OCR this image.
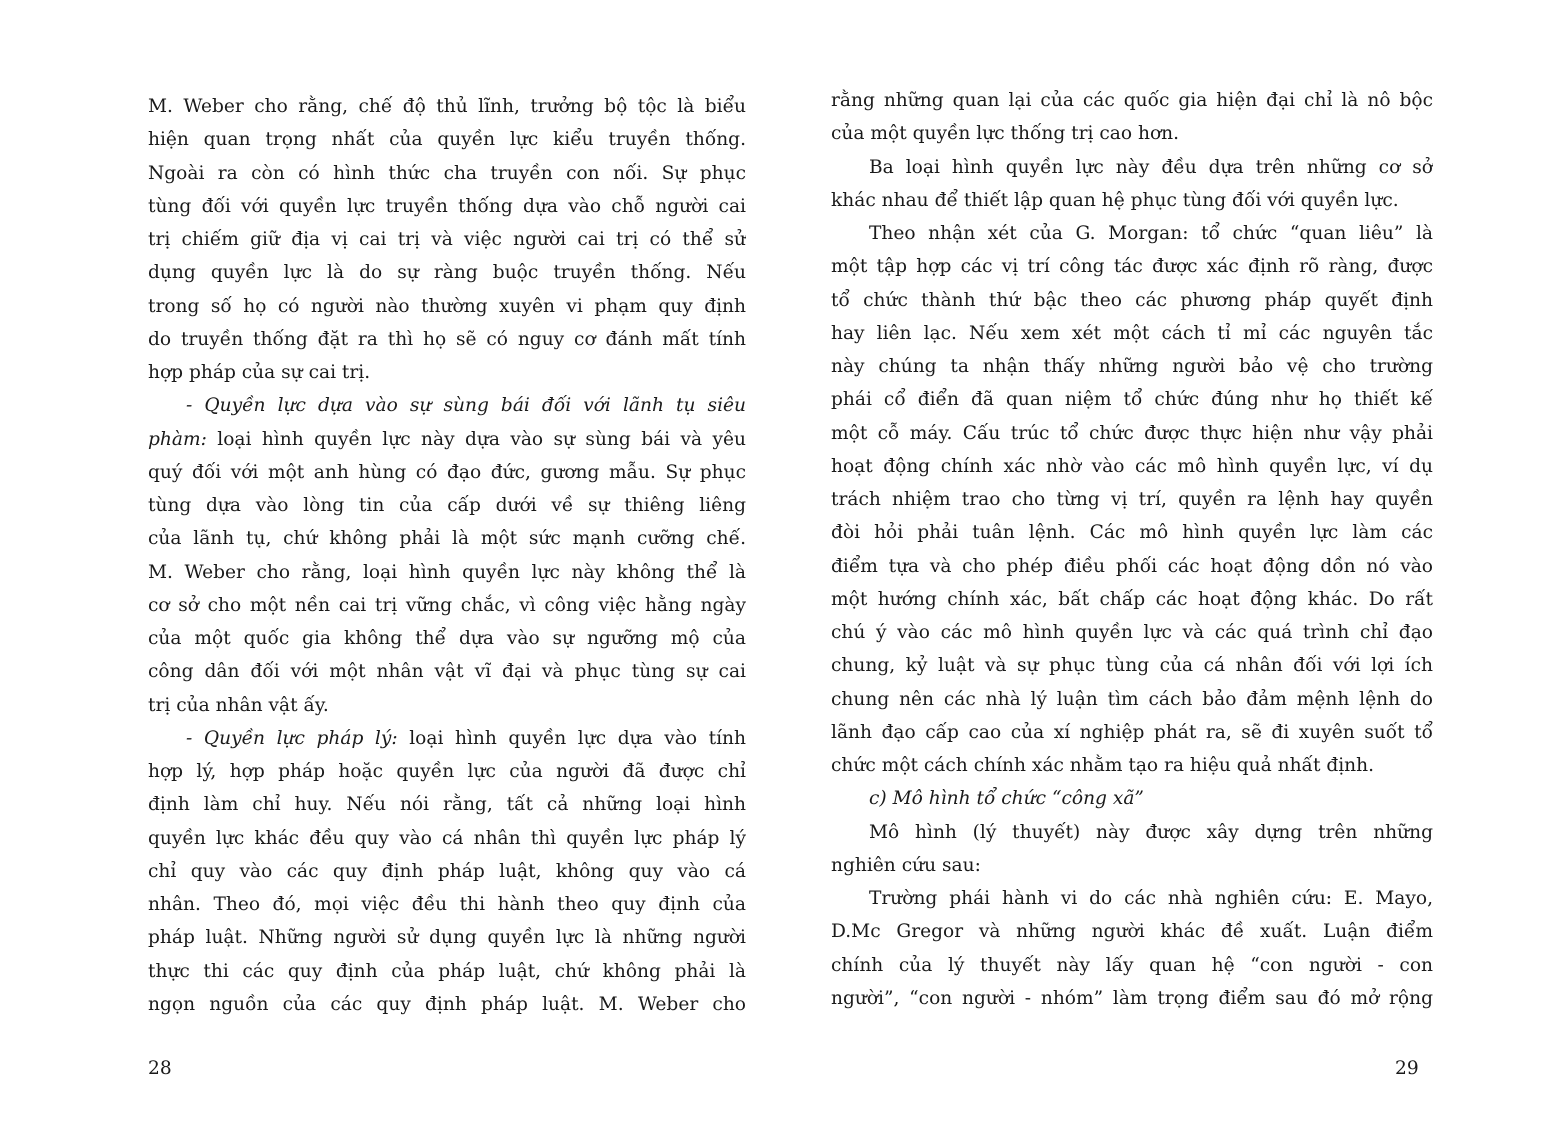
M. Weber cho rằng, chế độ thủ lĩnh, trưởng bộ tộc là biểu
hiện quan trọng nhất của quyền lực kiểu truyền thống.
Ngoài ra còn có hình thức cha truyền con nối. Sự phục
tùng đối với quyền lực truyền thống dựa vào chỗ người cai
trị chiếm giữ địa vị cai trị và việc người cai trị có thể sử
dụng quyền lực là do sự ràng buộc truyền thống. Nếu
trong số họ có người nào thường xuyên vi phạm quy định
do truyền thống đặt ra thì họ sẽ có nguy cơ đánh mất tính
hợp pháp của sự cai trị.
- Quyền lực dựa vào sự sùng bái đối với lãnh tụ siêu
phàm: loại hình quyền lực này dựa vào sự sùng bái và yêu
quý đối với một anh hùng có đạo đức, gương mẫu. Sự phục
tùng dựa vào lòng tin của cấp dưới về sự thiêng liêng
của lãnh tụ, chứ không phải là một sức mạnh cưỡng chế.
M. Weber cho rằng, loại hình quyền lực này không thể là
cơ sở cho một nền cai trị vững chắc, vì công việc hằng ngày
của một quốc gia không thể dựa vào sự ngưỡng mộ của
công dân đối với một nhân vật vĩ đại và phục tùng sự cai
trị của nhân vật ấy.
- Quyền lực pháp lý: loại hình quyền lực dựa vào tính
hợp lý, hợp pháp hoặc quyền lực của người đã được chỉ
định làm chỉ huy. Nếu nói rằng, tất cả những loại hình
quyền lực khác đều quy vào cá nhân thì quyền lực pháp lý
chỉ quy vào các quy định pháp luật, không quy vào cá
nhân. Theo đó, mọi việc đều thi hành theo quy định của
pháp luật. Những người sử dụng quyền lực là những người
thực thi các quy định của pháp luật, chứ không phải là
ngọn nguồn của các quy định pháp luật. M. Weber cho
28
rằng những quan lại của các quốc gia hiện đại chỉ là nô bộc
của một quyền lực thống trị cao hơn.
Ba loại hình quyền lực này đều dựa trên những cơ sở
khác nhau để thiết lập quan hệ phục tùng đối với quyền lực.
Theo nhận xét của G. Morgan: tổ chức “quan liêu” là
một tập hợp các vị trí công tác được xác định rõ ràng, được
tổ chức thành thứ bậc theo các phương pháp quyết định
hay liên lạc. Nếu xem xét một cách tỉ mỉ các nguyên tắc
này chúng ta nhận thấy những người bảo vệ cho trường
phái cổ điển đã quan niệm tổ chức đúng như họ thiết kế
một cỗ máy. Cấu trúc tổ chức được thực hiện như vậy phải
hoạt động chính xác nhờ vào các mô hình quyền lực, ví dụ
trách nhiệm trao cho từng vị trí, quyền ra lệnh hay quyền
đòi hỏi phải tuân lệnh. Các mô hình quyền lực làm các
điểm tựa và cho phép điều phối các hoạt động dồn nó vào
một hướng chính xác, bất chấp các hoạt động khác. Do rất
chú ý vào các mô hình quyền lực và các quá trình chỉ đạo
chung, kỷ luật và sự phục tùng của cá nhân đối với lợi ích
chung nên các nhà lý luận tìm cách bảo đảm mệnh lệnh do
lãnh đạo cấp cao của xí nghiệp phát ra, sẽ đi xuyên suốt tổ
chức một cách chính xác nhằm tạo ra hiệu quả nhất định.
c) Mô hình tổ chức “công xã”
Mô hình (lý thuyết) này được xây dựng trên những
nghiên cứu sau:
Trường phái hành vi do các nhà nghiên cứu: E. Mayo,
D.Mc Gregor và những người khác đề xuất. Luận điểm
chính của lý thuyết này lấy quan hệ “con người - con
người”, “con người - nhóm” làm trọng điểm sau đó mở rộng
29
